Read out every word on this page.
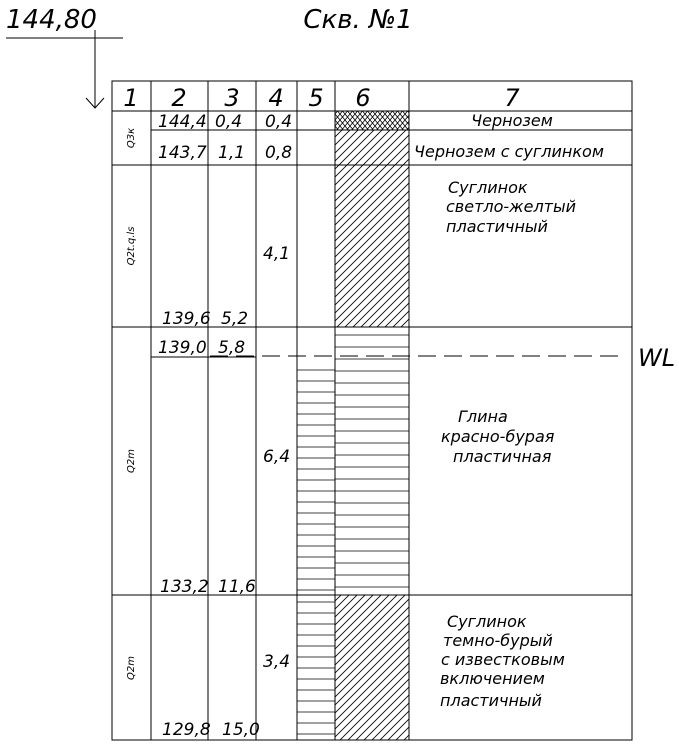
144,80	Скв. №1
WL
1 2 3 4 5 6	7
Q3к
Q2t.q.ls
Q2m
Q2m
144,4 0,4 0,4
143,7 1,1 0,8
4,1
139,6 5,2
139,0 5,8
6,4
133,2 11,6
3,4
129,8 15,0
Чернозем
Чернозем с суглинком
Суглинок
светло-желтый
пластичный
Глина
красно-бурая
пластичная
Суглинок
темно-бурый
с известковым
включением
пластичный
